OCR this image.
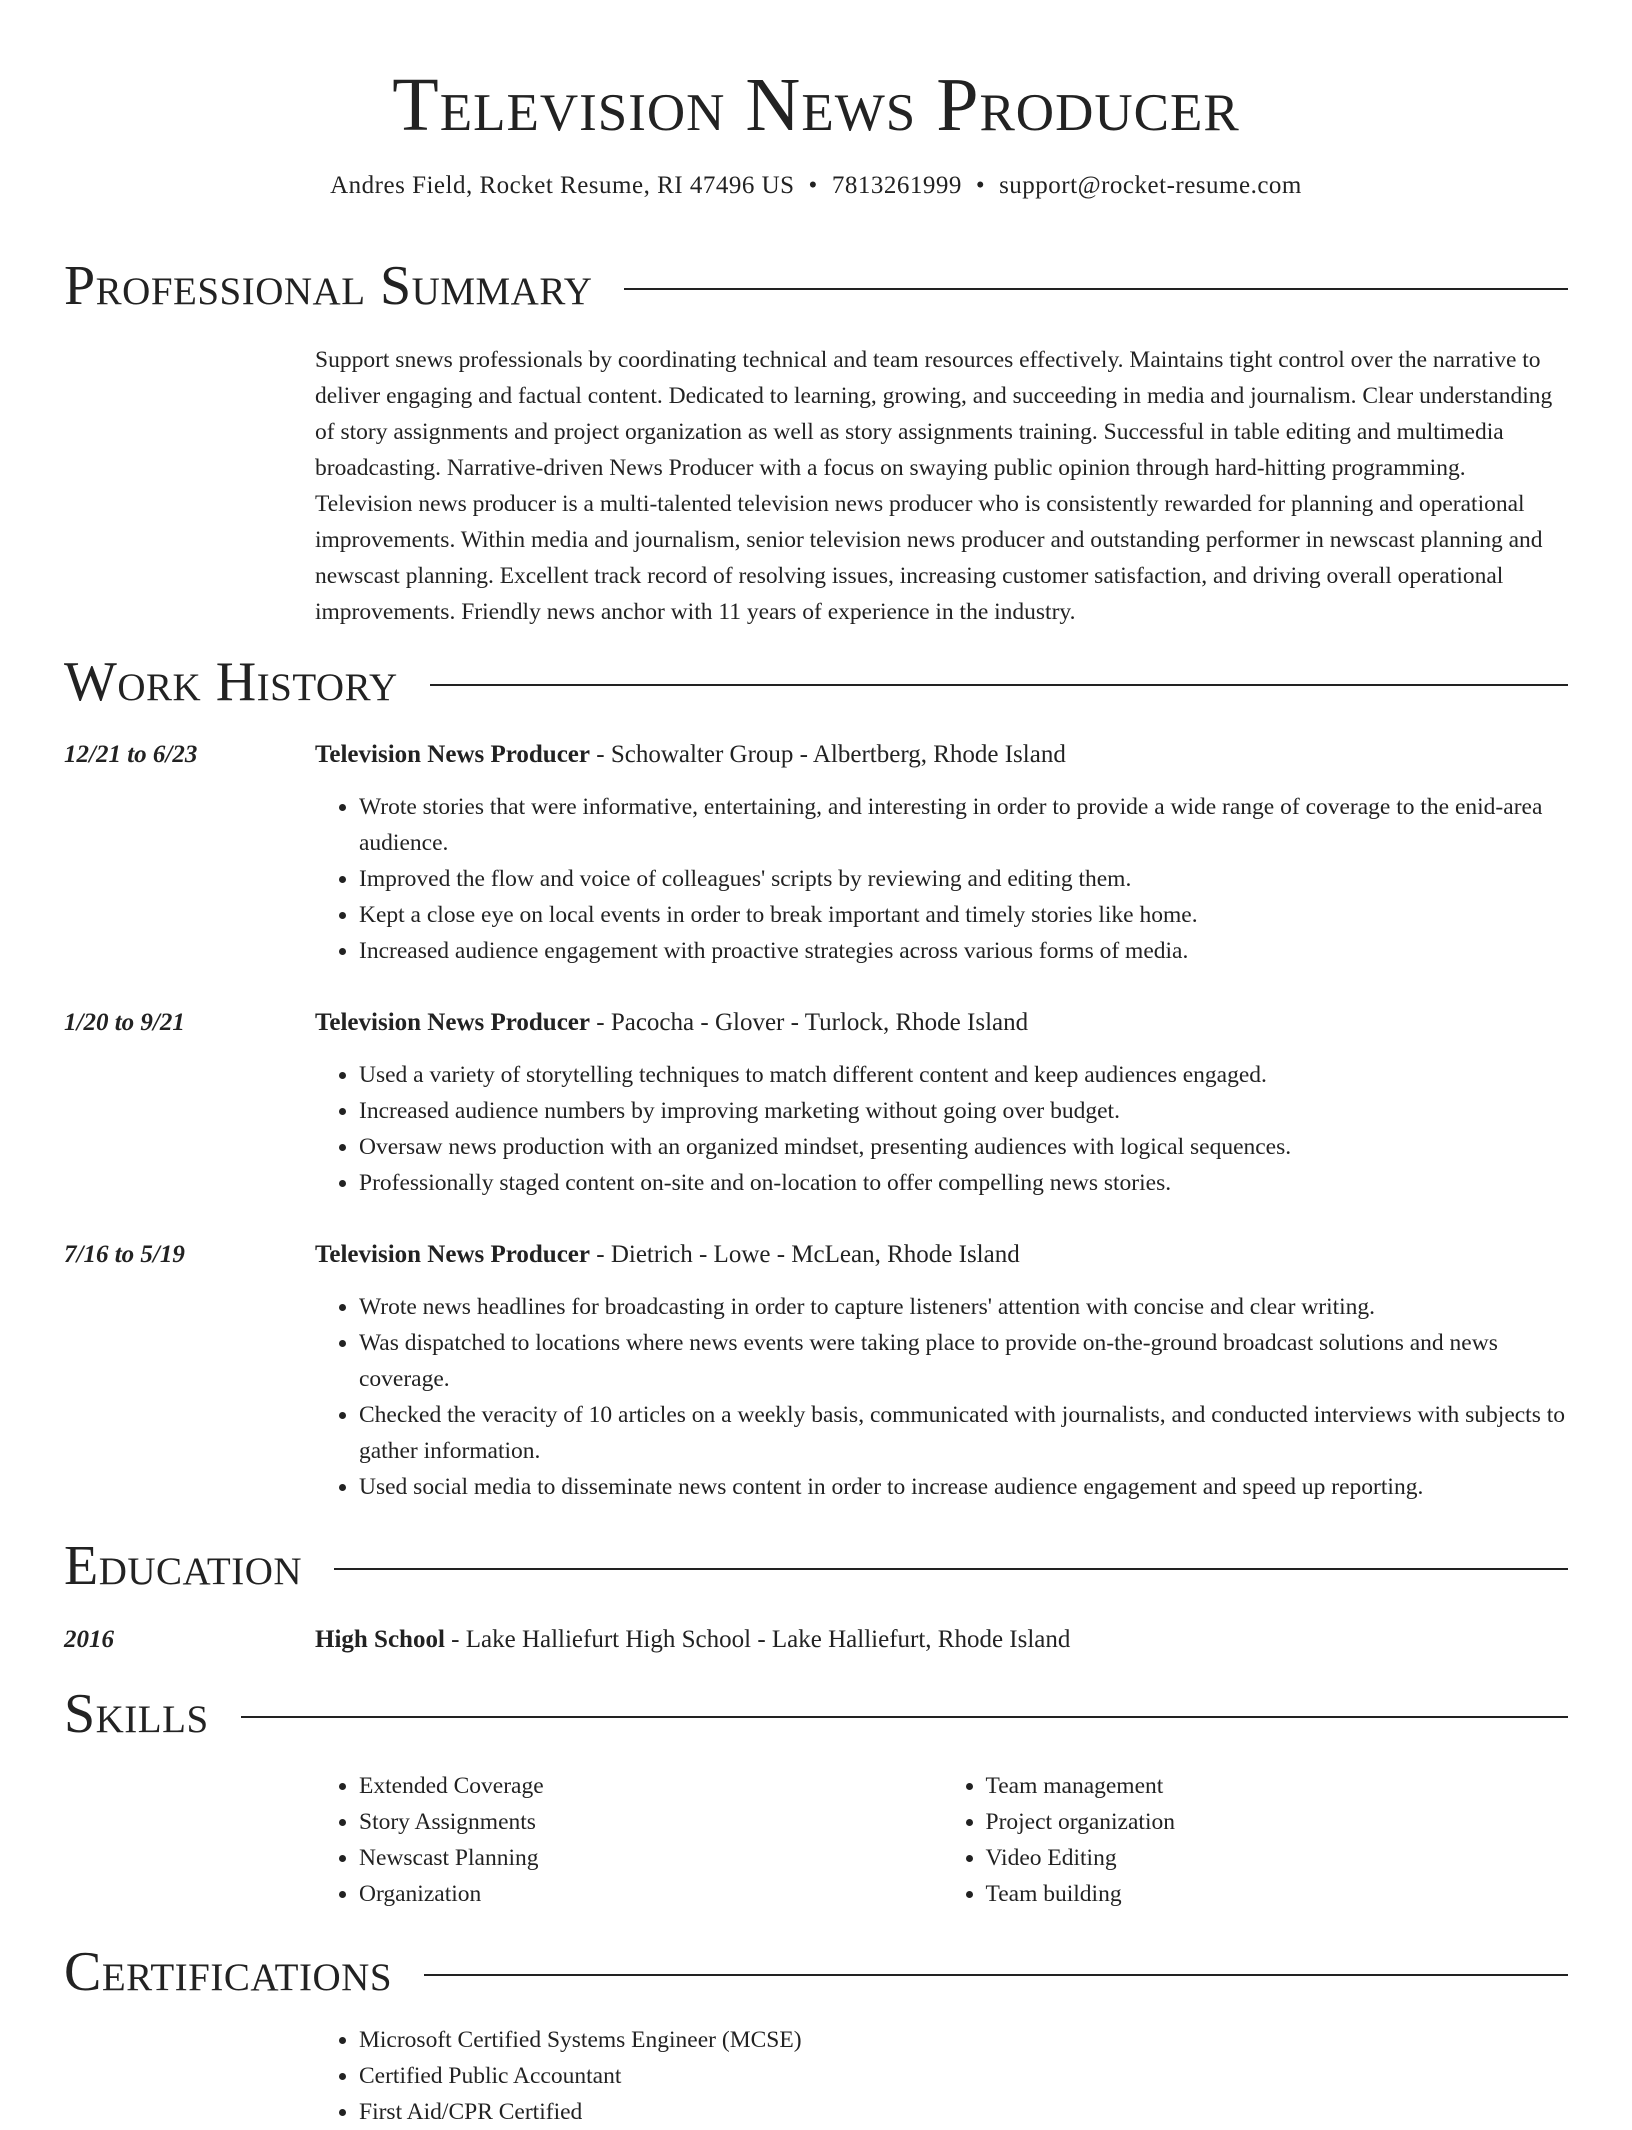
Television News Producer
Andres Field, Rocket Resume, RI 47496 US • 7813261999 • support@rocket-resume.com
Professional Summary
Support snews professionals by coordinating technical and team resources effectively. Maintains tight control over the narrative to deliver engaging and factual content. Dedicated to learning, growing, and succeeding in media and journalism. Clear understanding of story assignments and project organization as well as story assignments training. Successful in table editing and multimedia broadcasting. Narrative-driven News Producer with a focus on swaying public opinion through hard-hitting programming. Television news producer is a multi-talented television news producer who is consistently rewarded for planning and operational improvements. Within media and journalism, senior television news producer and outstanding performer in newscast planning and newscast planning. Excellent track record of resolving issues, increasing customer satisfaction, and driving overall operational improvements. Friendly news anchor with 11 years of experience in the industry.
Work History
12/21 to 6/23	Television News Producer - Schowalter Group - Albertberg, Rhode Island
• Wrote stories that were informative, entertaining, and interesting in order to provide a wide range of coverage to the enid-area audience.
• Improved the flow and voice of colleagues' scripts by reviewing and editing them.
• Kept a close eye on local events in order to break important and timely stories like home.
• Increased audience engagement with proactive strategies across various forms of media.
1/20 to 9/21	Television News Producer - Pacocha - Glover - Turlock, Rhode Island
• Used a variety of storytelling techniques to match different content and keep audiences engaged.
• Increased audience numbers by improving marketing without going over budget.
• Oversaw news production with an organized mindset, presenting audiences with logical sequences.
• Professionally staged content on-site and on-location to offer compelling news stories.
7/16 to 5/19	Television News Producer - Dietrich - Lowe - McLean, Rhode Island
• Wrote news headlines for broadcasting in order to capture listeners' attention with concise and clear writing.
• Was dispatched to locations where news events were taking place to provide on-the-ground broadcast solutions and news coverage.
• Checked the veracity of 10 articles on a weekly basis, communicated with journalists, and conducted interviews with subjects to gather information.
• Used social media to disseminate news content in order to increase audience engagement and speed up reporting.
Education
2016	High School - Lake Halliefurt High School - Lake Halliefurt, Rhode Island
Skills
• Extended Coverage
• Story Assignments
• Newscast Planning
• Organization
• Team management
• Project organization
• Video Editing
• Team building
Certifications
• Microsoft Certified Systems Engineer (MCSE)
• Certified Public Accountant
• First Aid/CPR Certified
